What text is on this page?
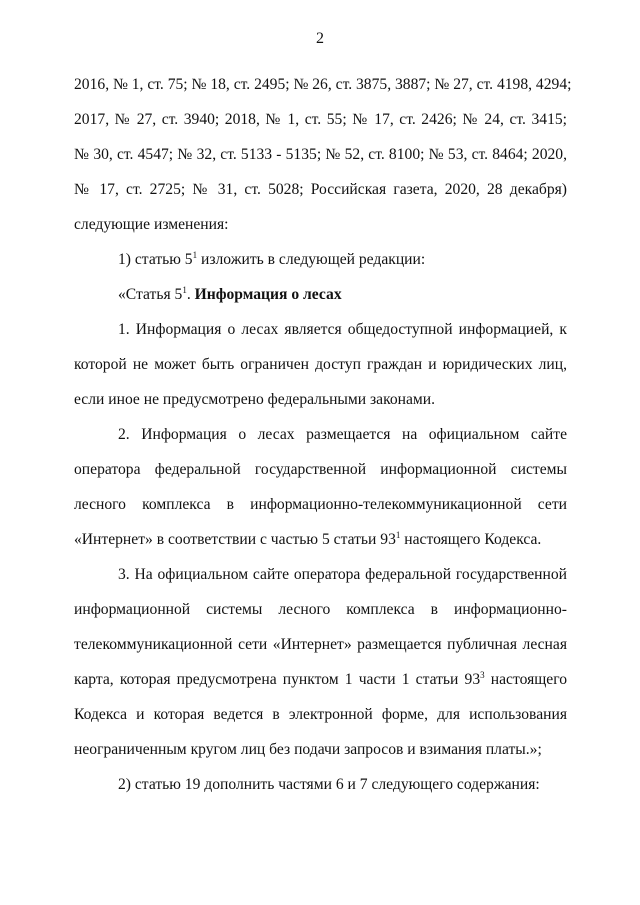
2
2016, № 1, ст. 75; № 18, ст. 2495; № 26, ст. 3875, 3887; № 27, ст. 4198, 4294;
2017, № 27, ст. 3940; 2018, № 1, ст. 55; № 17, ст. 2426; № 24, ст. 3415;
№ 30, ст. 4547; № 32, ст. 5133 - 5135; № 52, ст. 8100; № 53, ст. 8464; 2020,
№ 17, ст. 2725; № 31, ст. 5028; Российская газета, 2020, 28 декабря)
следующие изменения:
1) статью $5^1$ изложить в следующей редакции:
«Статья $5^1$. Информация о лесах
1. Информация о лесах является общедоступной информацией, к
которой не может быть ограничен доступ граждан и юридических лиц,
если иное не предусмотрено федеральными законами.
2. Информация о лесах размещается на официальном сайте
оператора федеральной государственной информационной системы
лесного комплекса в информационно-телекоммуникационной сети
«Интернет» в соответствии с частью 5 статьи $93^1$ настоящего Кодекса.
3. На официальном сайте оператора федеральной государственной
информационной системы лесного комплекса в информационно-
телекоммуникационной сети «Интернет» размещается публичная лесная
карта, которая предусмотрена пунктом 1 части 1 статьи $93^3$ настоящего
Кодекса и которая ведется в электронной форме, для использования
неограниченным кругом лиц без подачи запросов и взимания платы.»;
2) статью 19 дополнить частями 6 и 7 следующего содержания:
